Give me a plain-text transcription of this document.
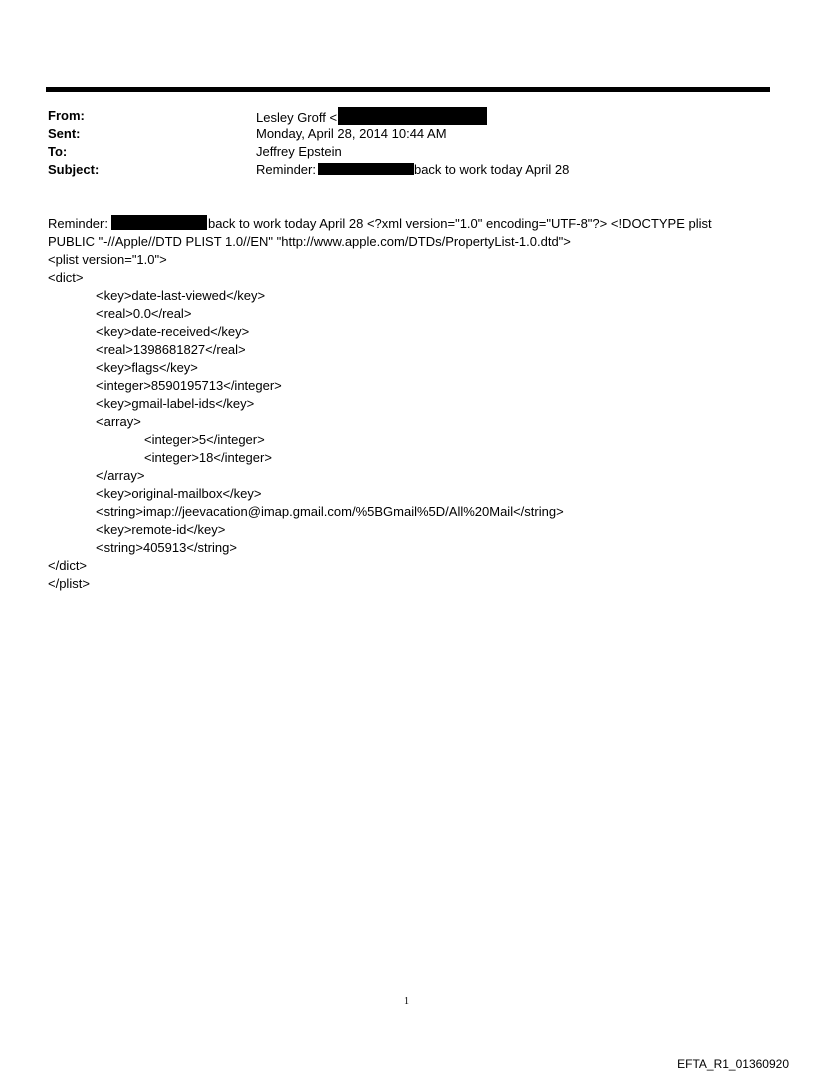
From:	Lesley Groff <
Sent:	Monday, April 28, 2014 10:44 AM
To:	Jeffrey Epstein
Subject:	Reminder:	back to work today April 28
Reminder:	back to work today April 28 <?xml version="1.0" encoding="UTF-8"?> <!DOCTYPE plist
PUBLIC "-//Apple//DTD PLIST 1.0//EN" "http://www.apple.com/DTDs/PropertyList-1.0.dtd">
<plist version="1.0">
<dict>
<key>date-last-viewed</key>
<real>0.0</real>
<key>date-received</key>
<real>1398681827</real>
<key>flags</key>
<integer>8590195713</integer>
<key>gmail-label-ids</key>
<array>
<integer>5</integer>
<integer>18</integer>
</array>
<key>original-mailbox</key>
<string>imap://jeevacation@imap.gmail.com/%5BGmail%5D/All%20Mail</string>
<key>remote-id</key>
<string>405913</string>
</dict>
</plist>
1
EFTA_R1_01360920
